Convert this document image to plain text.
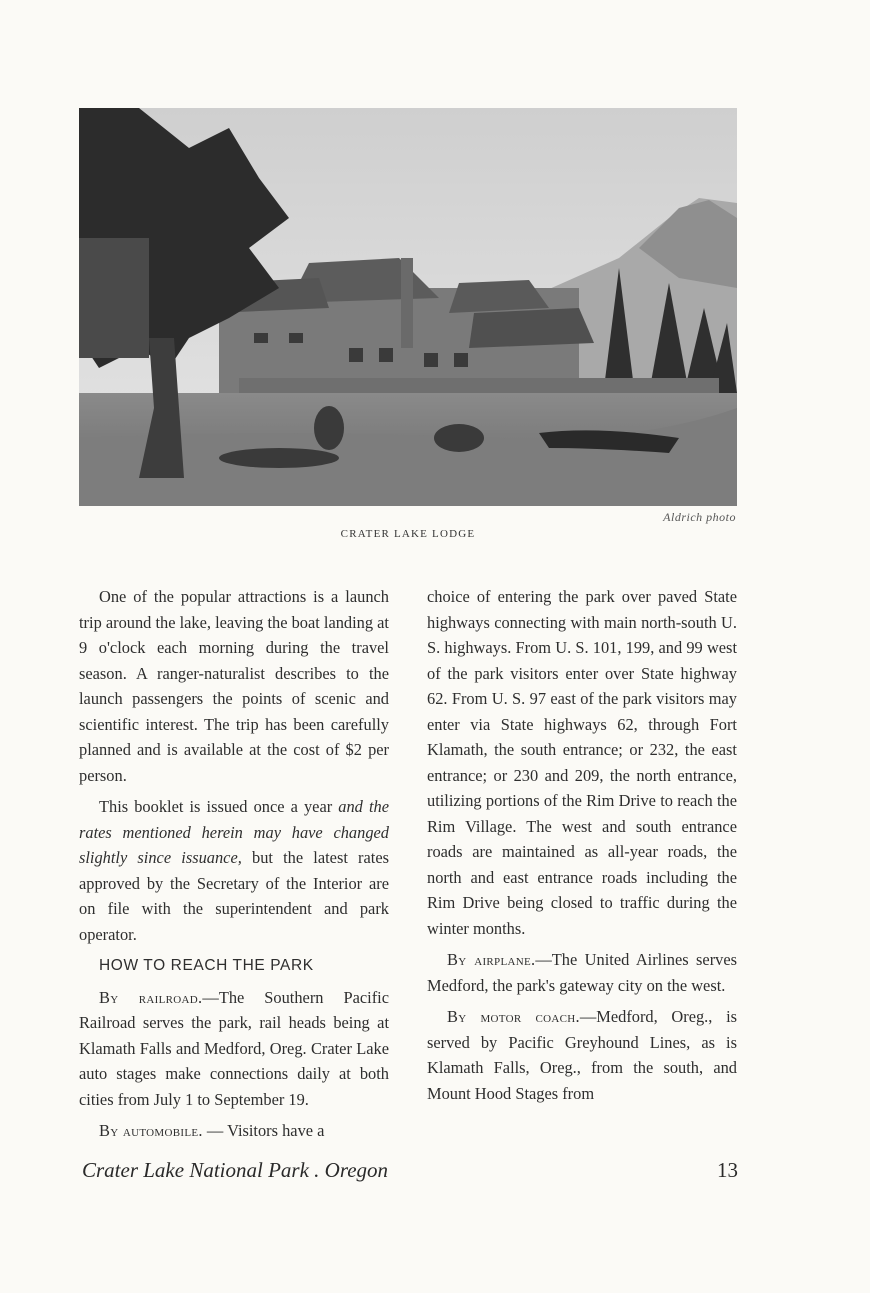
Aldrich photo
CRATER LAKE LODGE

One of the popular attractions is a launch trip around the lake, leaving the boat landing at 9 o'clock each morning during the travel season. A ranger-naturalist describes to the launch passengers the points of scenic and scientific interest. The trip has been carefully planned and is available at the cost of $2 per person.

This booklet is issued once a year and the rates mentioned herein may have changed slightly since issuance, but the latest rates approved by the Secretary of the Interior are on file with the superintendent and park operator.

HOW TO REACH THE PARK

By railroad.—The Southern Pacific Railroad serves the park, rail heads being at Klamath Falls and Medford, Oreg. Crater Lake auto stages make connections daily at both cities from July 1 to September 19.

By automobile. — Visitors have a

choice of entering the park over paved State highways connecting with main north-south U. S. highways. From U. S. 101, 199, and 99 west of the park visitors enter over State highway 62. From U. S. 97 east of the park visitors may enter via State highways 62, through Fort Klamath, the south entrance; or 232, the east entrance; or 230 and 209, the north entrance, utilizing portions of the Rim Drive to reach the Rim Village. The west and south entrance roads are maintained as all-year roads, the north and east entrance roads including the Rim Drive being closed to traffic during the winter months.

By airplane.—The United Airlines serves Medford, the park's gateway city on the west.

By motor coach.—Medford, Oreg., is served by Pacific Greyhound Lines, as is Klamath Falls, Oreg., from the south, and Mount Hood Stages from

Crater Lake National Park . Oregon	13
